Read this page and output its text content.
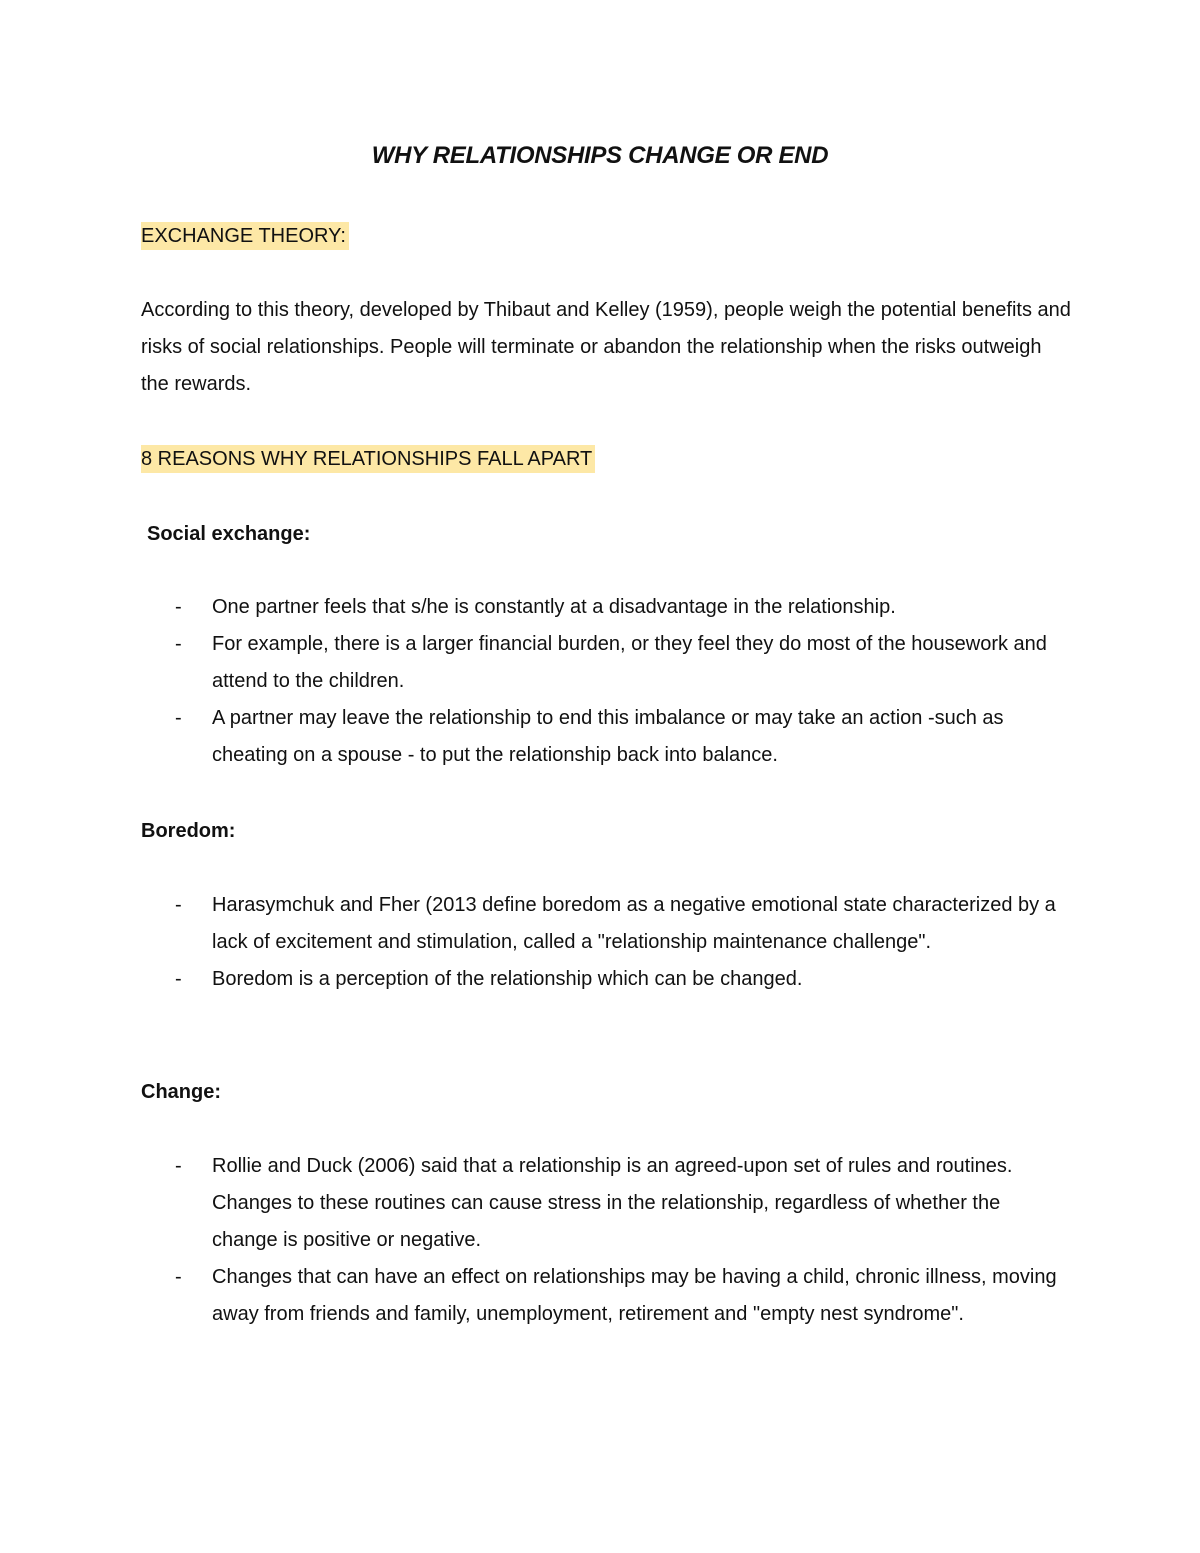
WHY RELATIONSHIPS CHANGE OR END
EXCHANGE THEORY:

According to this theory, developed by Thibaut and Kelley (1959), people weigh the potential benefits and risks of social relationships. People will terminate or abandon the relationship when the risks outweigh the rewards.

8 REASONS WHY RELATIONSHIPS FALL APART
Social exchange:
- One partner feels that s/he is constantly at a disadvantage in the relationship.
- For example, there is a larger financial burden, or they feel they do most of the housework and attend to the children.
- A partner may leave the relationship to end this imbalance or may take an action -such as cheating on a spouse - to put the relationship back into balance.
Boredom:
- Harasymchuk and Fher (2013 define boredom as a negative emotional state characterized by a lack of excitement and stimulation, called a "relationship maintenance challenge".
- Boredom is a perception of the relationship which can be changed.
Change:
- Rollie and Duck (2006) said that a relationship is an agreed-upon set of rules and routines. Changes to these routines can cause stress in the relationship, regardless of whether the change is positive or negative.
- Changes that can have an effect on relationships may be having a child, chronic illness, moving away from friends and family, unemployment, retirement and "empty nest syndrome".
